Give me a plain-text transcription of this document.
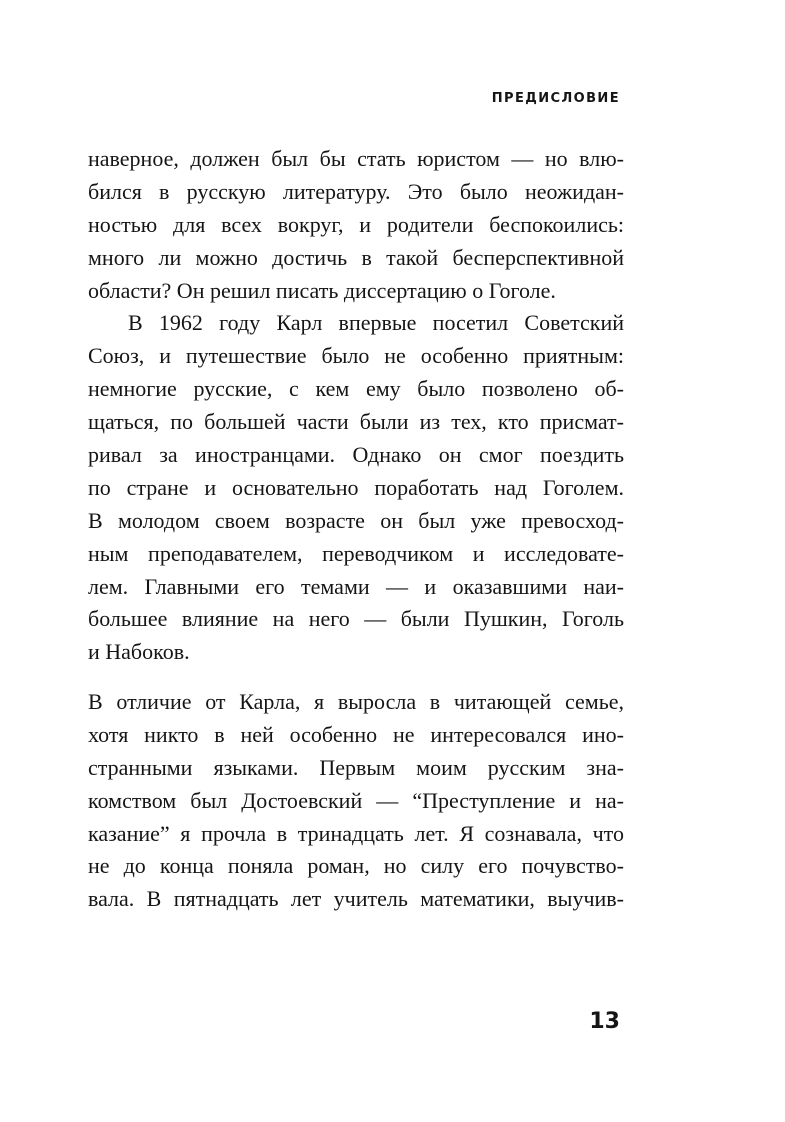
ПРЕДИСЛОВИЕ
наверное, должен был бы стать юристом — но влю-
бился в русскую литературу. Это было неожидан-
ностью для всех вокруг, и родители беспокоились:
много ли можно достичь в такой бесперспективной
области? Он решил писать диссертацию о Гоголе.
В 1962 году Карл впервые посетил Советский
Союз, и путешествие было не особенно приятным:
немногие русские, с кем ему было позволено об-
щаться, по большей части были из тех, кто присмат-
ривал за иностранцами. Однако он смог поездить
по стране и основательно поработать над Гоголем.
В молодом своем возрасте он был уже превосход-
ным преподавателем, переводчиком и исследовате-
лем. Главными его темами — и оказавшими наи-
большее влияние на него — были Пушкин, Гоголь
и Набоков.
В отличие от Карла, я выросла в читающей семье,
хотя никто в ней особенно не интересовался ино-
странными языками. Первым моим русским зна-
комством был Достоевский — “Преступление и на-
казание” я прочла в тринадцать лет. Я сознавала, что
не до конца поняла роман, но силу его почувство-
вала. В пятнадцать лет учитель математики, выучив-
13
